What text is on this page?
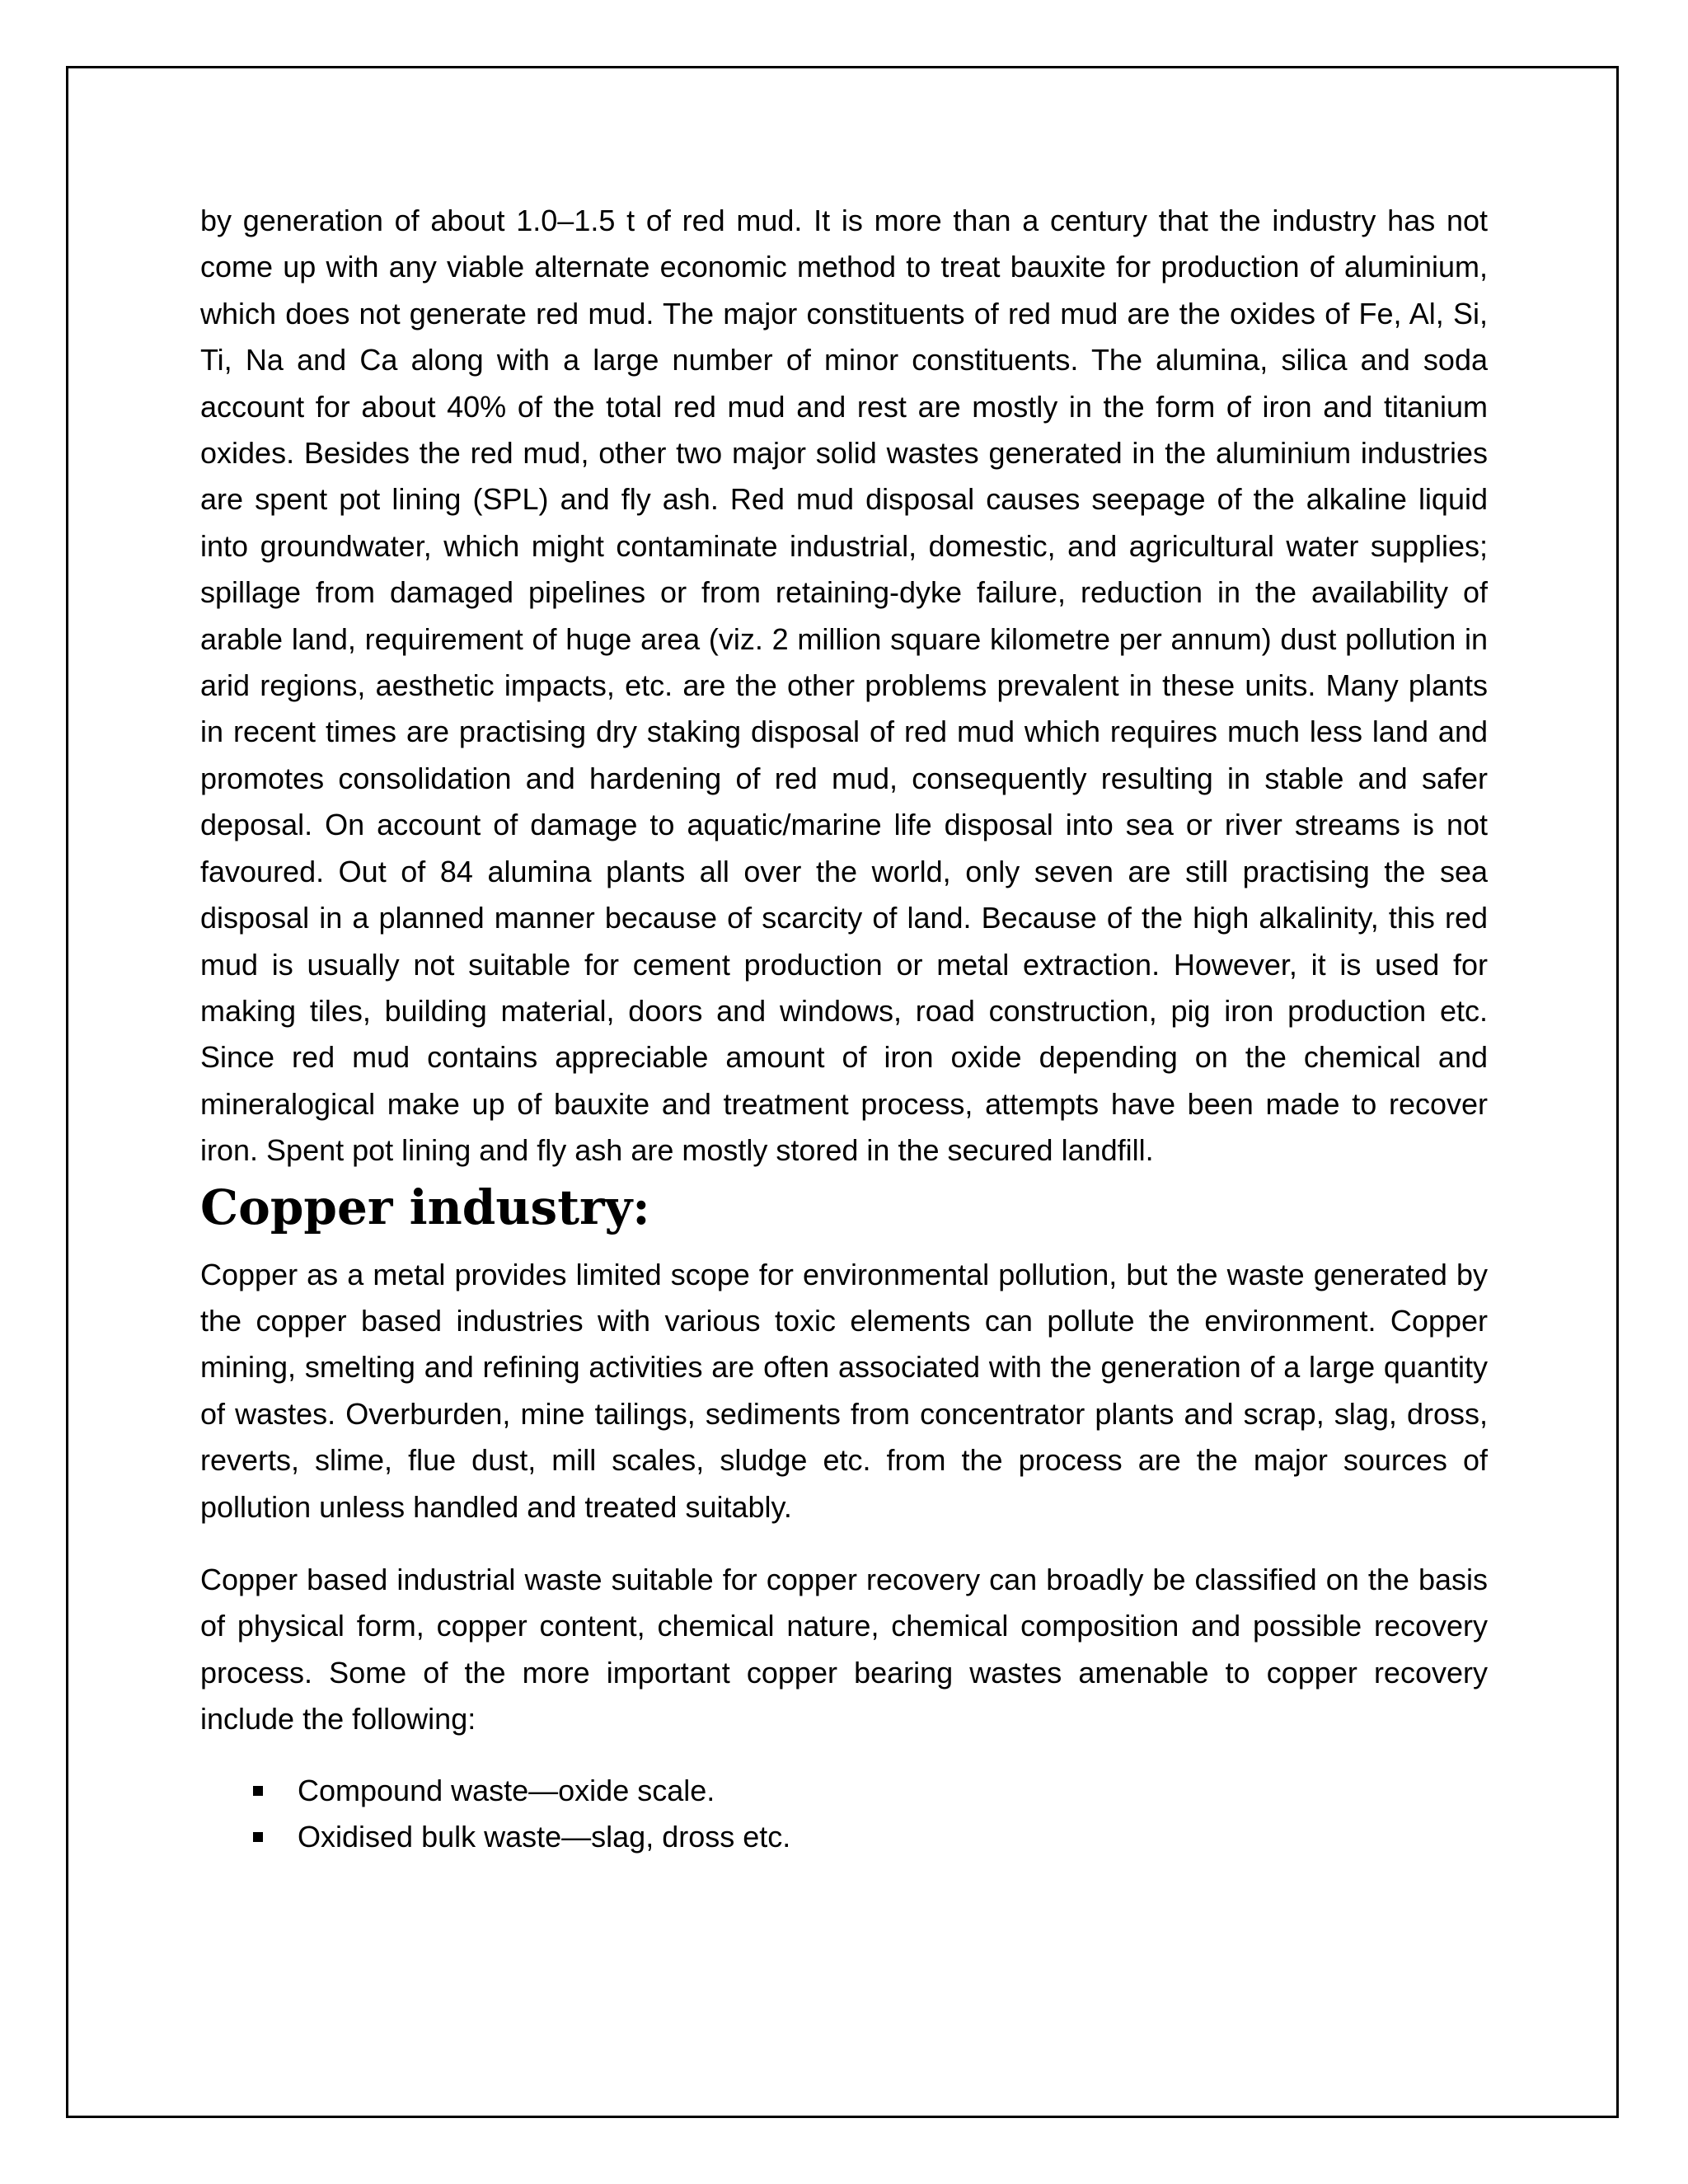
by generation of about 1.0–1.5 t of red mud. It is more than a century that the industry has not come up with any viable alternate economic method to treat bauxite for production of aluminium, which does not generate red mud. The major constituents of red mud are the oxides of Fe, Al, Si, Ti, Na and Ca along with a large number of minor constituents. The alumina, silica and soda account for about 40% of the total red mud and rest are mostly in the form of iron and titanium oxides. Besides the red mud, other two major solid wastes generated in the aluminium industries are spent pot lining (SPL) and fly ash. Red mud disposal causes seepage of the alkaline liquid into groundwater, which might contaminate industrial, domestic, and agricultural water supplies; spillage from damaged pipelines or from retaining-dyke failure, reduction in the availability of arable land, requirement of huge area (viz. 2 million square kilometre per annum) dust pollution in arid regions, aesthetic impacts, etc. are the other problems prevalent in these units. Many plants in recent times are practising dry staking disposal of red mud which requires much less land and promotes consolidation and hardening of red mud, consequently resulting in stable and safer deposal. On account of damage to aquatic/marine life disposal into sea or river streams is not favoured. Out of 84 alumina plants all over the world, only seven are still practising the sea disposal in a planned manner because of scarcity of land. Because of the high alkalinity, this red mud is usually not suitable for cement production or metal extraction. However, it is used for making tiles, building material, doors and windows, road construction, pig iron production etc. Since red mud contains appreciable amount of iron oxide depending on the chemical and mineralogical make up of bauxite and treatment process, attempts have been made to recover iron. Spent pot lining and fly ash are mostly stored in the secured landfill.

Copper industry:

Copper as a metal provides limited scope for environmental pollution, but the waste generated by the copper based industries with various toxic elements can pollute the environment. Copper mining, smelting and refining activities are often associated with the generation of a large quantity of wastes. Overburden, mine tailings, sediments from concentrator plants and scrap, slag, dross, reverts, slime, flue dust, mill scales, sludge etc. from the process are the major sources of pollution unless handled and treated suitably.

Copper based industrial waste suitable for copper recovery can broadly be classified on the basis of physical form, copper content, chemical nature, chemical composition and possible recovery process. Some of the more important copper bearing wastes amenable to copper recovery include the following:

Compound waste—oxide scale.
Oxidised bulk waste—slag, dross etc.
